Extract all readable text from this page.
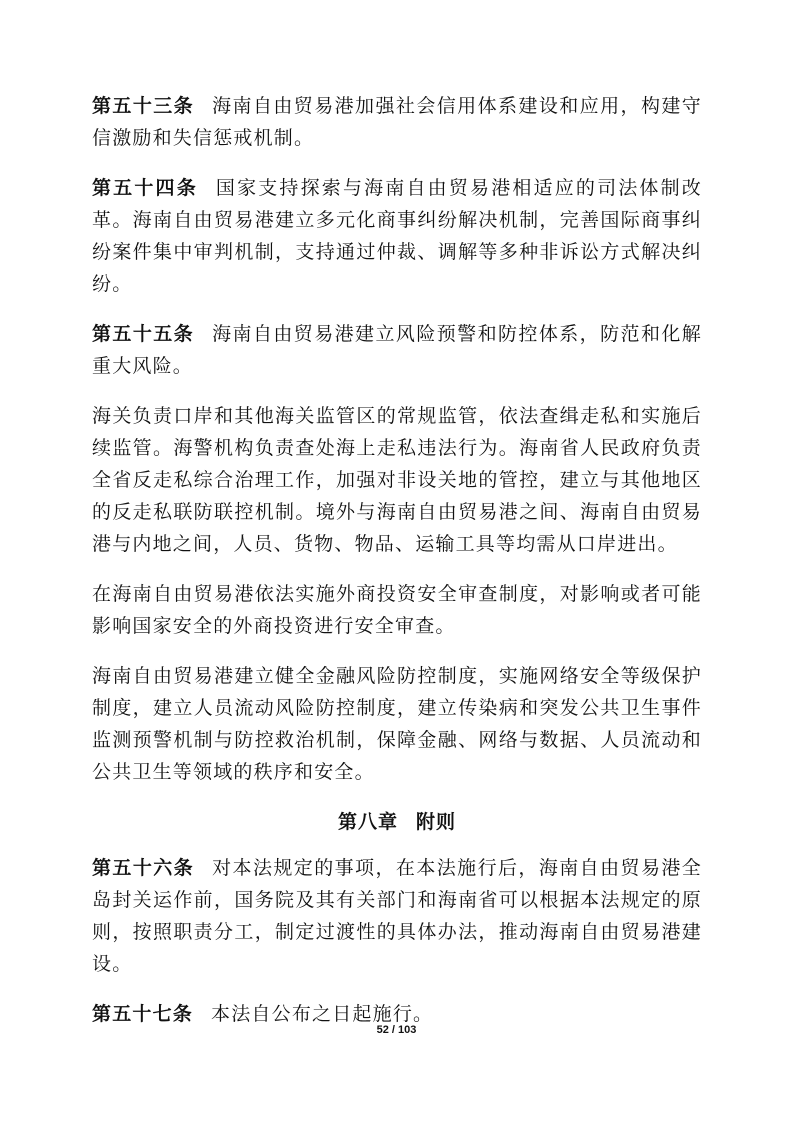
第五十三条 海南自由贸易港加强社会信用体系建设和应用，构建守信激励和失信惩戒机制。

第五十四条 国家支持探索与海南自由贸易港相适应的司法体制改革。海南自由贸易港建立多元化商事纠纷解决机制，完善国际商事纠纷案件集中审判机制，支持通过仲裁、调解等多种非诉讼方式解决纠纷。

第五十五条 海南自由贸易港建立风险预警和防控体系，防范和化解重大风险。

海关负责口岸和其他海关监管区的常规监管，依法查缉走私和实施后续监管。海警机构负责查处海上走私违法行为。海南省人民政府负责全省反走私综合治理工作，加强对非设关地的管控，建立与其他地区的反走私联防联控机制。境外与海南自由贸易港之间、海南自由贸易港与内地之间，人员、货物、物品、运输工具等均需从口岸进出。

在海南自由贸易港依法实施外商投资安全审查制度，对影响或者可能影响国家安全的外商投资进行安全审查。

海南自由贸易港建立健全金融风险防控制度，实施网络安全等级保护制度，建立人员流动风险防控制度，建立传染病和突发公共卫生事件监测预警机制与防控救治机制，保障金融、网络与数据、人员流动和公共卫生等领域的秩序和安全。

第八章 附则

第五十六条 对本法规定的事项，在本法施行后，海南自由贸易港全岛封关运作前，国务院及其有关部门和海南省可以根据本法规定的原则，按照职责分工，制定过渡性的具体办法，推动海南自由贸易港建设。

第五十七条 本法自公布之日起施行。

52 / 103
